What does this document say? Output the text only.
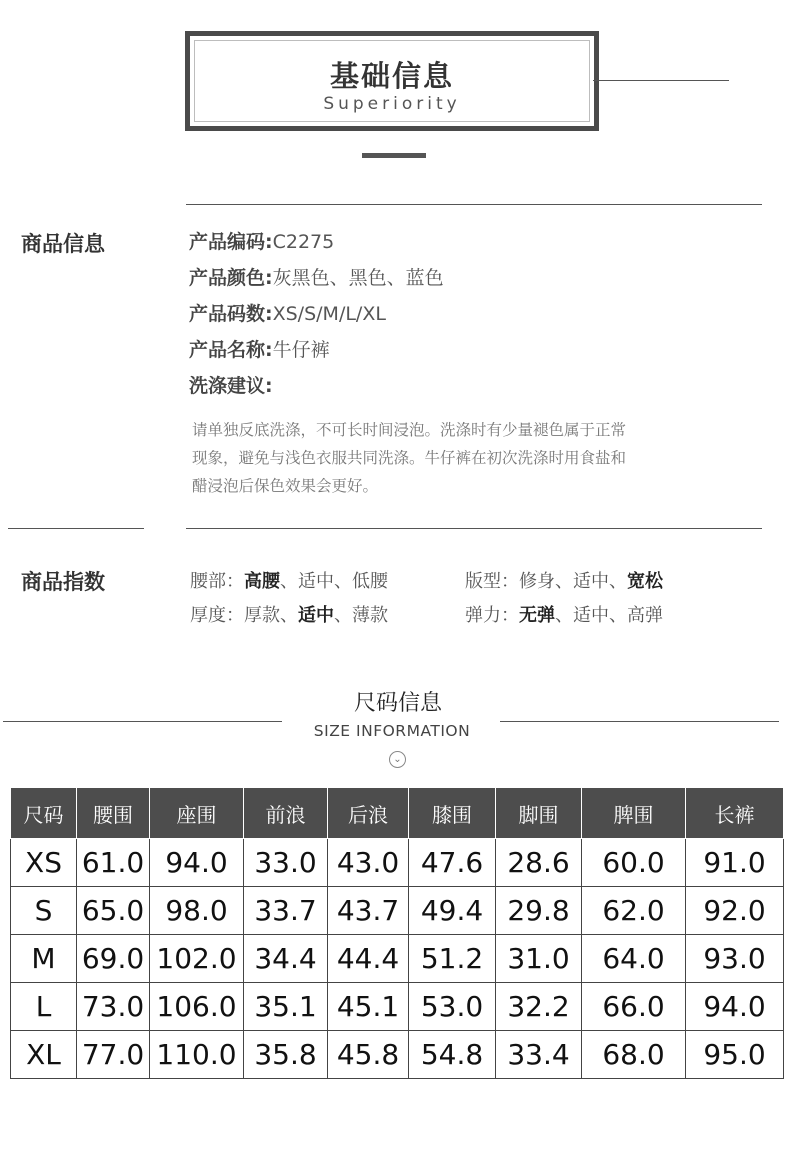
基础信息
Superiority
商品信息	产品编码:C2275
产品颜色:灰黑色、黑色、蓝色
产品码数:XS/S/M/L/XL
产品名称:牛仔裤
洗涤建议:
请单独反底洗涤，不可长时间浸泡。洗涤时有少量褪色属于正常
现象，避免与浅色衣服共同洗涤。牛仔裤在初次洗涤时用食盐和
醋浸泡后保色效果会更好。
商品指数	腰部：高腰、适中、低腰	版型：修身、适中、宽松
厚度：厚款、适中、薄款	弹力：无弹、适中、高弹
尺码信息
SIZE INFORMATION
⌄
尺码	腰围	座围	前浪	后浪	膝围	脚围	脾围	长裤
XS	61.0	94.0	33.0	43.0	47.6	28.6	60.0	91.0
S	65.0	98.0	33.7	43.7	49.4	29.8	62.0	92.0
M	69.0	102.0	34.4	44.4	51.2	31.0	64.0	93.0
L	73.0	106.0	35.1	45.1	53.0	32.2	66.0	94.0
XL	77.0	110.0	35.8	45.8	54.8	33.4	68.0	95.0
